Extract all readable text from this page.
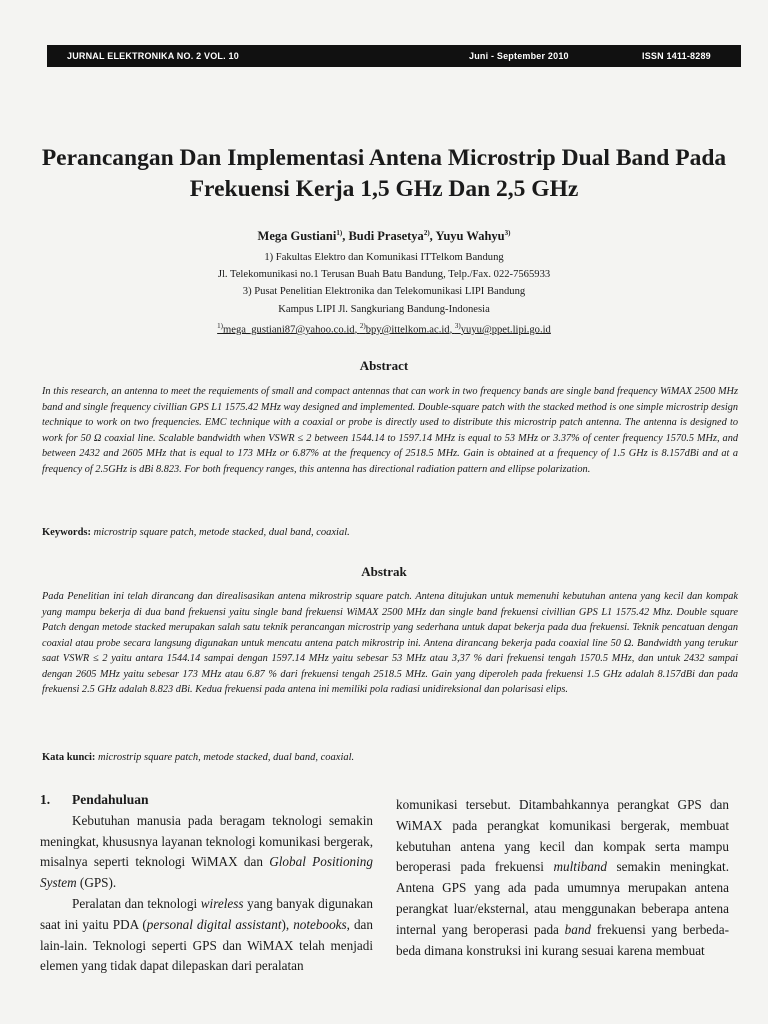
JURNAL ELEKTRONIKA NO. 2 VOL. 10	Juni - September 2010	ISSN 1411-8289
Perancangan Dan Implementasi Antena Microstrip Dual Band Pada Frekuensi Kerja 1,5 GHz Dan 2,5 GHz

Mega Gustiani$^{1)}$, Budi Prasetya$^{2)}$, Yuyu Wahyu$^{3)}$

1) Fakultas Elektro dan Komunikasi ITTelkom Bandung
Jl. Telekomunikasi no.1 Terusan Buah Batu Bandung, Telp./Fax. 022-7565933
3) Pusat Penelitian Elektronika dan Telekomunikasi LIPI Bandung
Kampus LIPI Jl. Sangkuriang Bandung-Indonesia
$^{1)}$mega_gustiani87@yahoo.co.id, $^{2)}$bpy@ittelkom.ac.id, $^{3)}$yuyu@ppet.lipi.go.id
Abstract

In this research, an antenna to meet the requiements of small and compact antennas that can work in two frequency bands are single band frequency WiMAX 2500 MHz band and single frequency civillian GPS L1 1575.42 MHz way designed and implemented. Double-square patch with the stacked method is one simple microstrip design technique to work on two frequencies. EMC technique with a coaxial or probe is directly used to distribute this microstrip patch antenna. The antenna is designed to work for 50 Ω coaxial line. Scalable bandwidth when VSWR ≤ 2 between 1544.14 to 1597.14 MHz is equal to 53 MHz or 3.37% of center frequency 1570.5 MHz, and between 2432 and 2605 MHz that is equal to 173 MHz or 6.87% at the frequency of 2518.5 MHz. Gain is obtained at a frequency of 1.5 GHz is 8.157dBi and at a frequency of 2.5GHz is dBi 8.823. For both frequency ranges, this antenna has directional radiation pattern and ellipse polarization.

Keywords: microstrip square patch, metode stacked, dual band, coaxial.

Abstrak

Pada Penelitian ini telah dirancang dan direalisasikan antena mikrostrip square patch. Antena ditujukan untuk memenuhi kebutuhan antena yang kecil dan kompak yang mampu bekerja di dua band frekuensi yaitu single band frekuensi WiMAX 2500 MHz dan single band frekuensi civillian GPS L1 1575.42 Mhz. Double square Patch dengan metode stacked merupakan salah satu teknik perancangan microstrip yang sederhana untuk dapat bekerja pada dua frekuensi. Teknik pencatuan dengan coaxial atau probe secara langsung digunakan untuk mencatu antena patch mikrostrip ini. Antena dirancang bekerja pada coaxial line 50 Ω. Bandwidth yang terukur saat VSWR ≤ 2 yaitu antara 1544.14 sampai dengan 1597.14 MHz yaitu sebesar 53 MHz atau 3,37 % dari frekuensi tengah 1570.5 MHz, dan untuk 2432 sampai dengan 2605 MHz yaitu sebesar 173 MHz atau 6.87 % dari frekuensi tengah 2518.5 MHz. Gain yang diperoleh pada frekuensi 1.5 GHz adalah 8.157dBi dan pada frekuensi 2.5 GHz adalah 8.823 dBi. Kedua frekuensi pada antena ini memiliki pola radiasi unidireksional dan polarisasi elips.

Kata kunci: microstrip square patch, metode stacked, dual band, coaxial.

1. Pendahuluan

Kebutuhan manusia pada beragam teknologi semakin meningkat, khususnya layanan teknologi komunikasi bergerak, misalnya seperti teknologi WiMAX dan Global Positioning System (GPS).

Peralatan dan teknologi wireless yang banyak digunakan saat ini yaitu PDA (personal digital assistant), notebooks, dan lain-lain. Teknologi seperti GPS dan WiMAX telah menjadi elemen yang tidak dapat dilepaskan dari peralatan

komunikasi tersebut. Ditambahkannya perangkat GPS dan WiMAX pada perangkat komunikasi bergerak, membuat kebutuhan antena yang kecil dan kompak serta mampu beroperasi pada frekuensi multiband semakin meningkat. Antena GPS yang ada pada umumnya merupakan antena perangkat luar/eksternal, atau menggunakan beberapa antena internal yang beroperasi pada band frekuensi yang berbeda-beda dimana konstruksi ini kurang sesuai karena membuat
